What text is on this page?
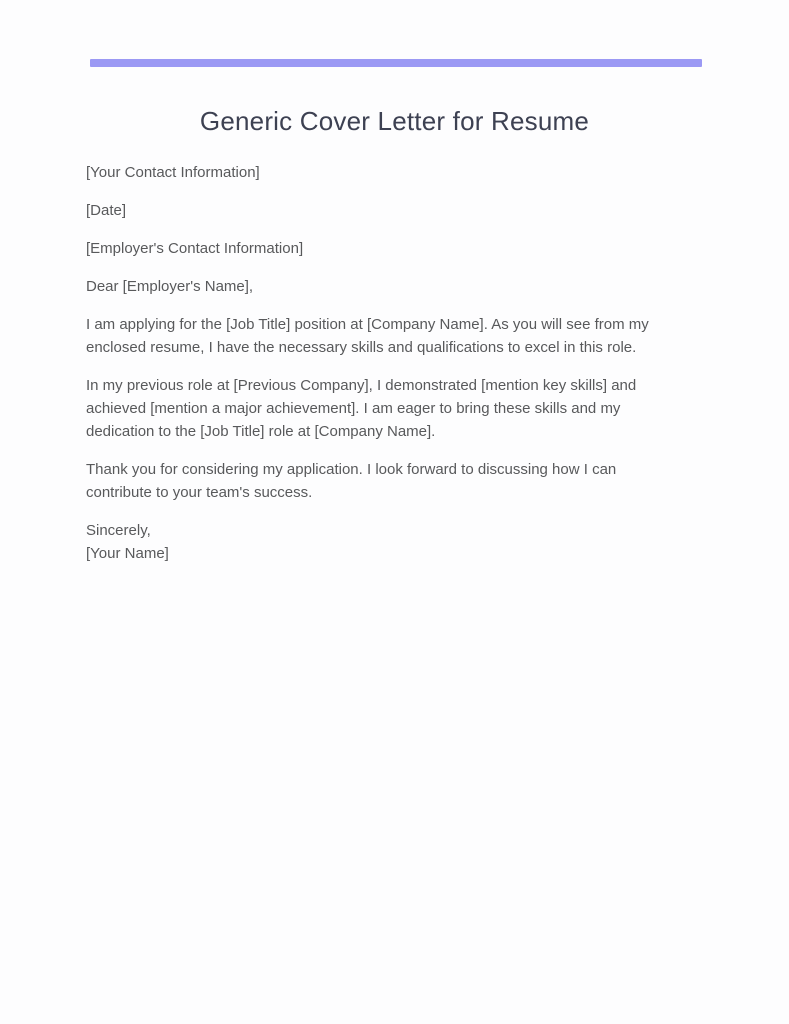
Generic Cover Letter for Resume

[Your Contact Information]

[Date]

[Employer's Contact Information]

Dear [Employer's Name],

I am applying for the [Job Title] position at [Company Name]. As you will see from my enclosed resume, I have the necessary skills and qualifications to excel in this role.

In my previous role at [Previous Company], I demonstrated [mention key skills] and achieved [mention a major achievement]. I am eager to bring these skills and my dedication to the [Job Title] role at [Company Name].

Thank you for considering my application. I look forward to discussing how I can contribute to your team's success.

Sincerely,
[Your Name]
